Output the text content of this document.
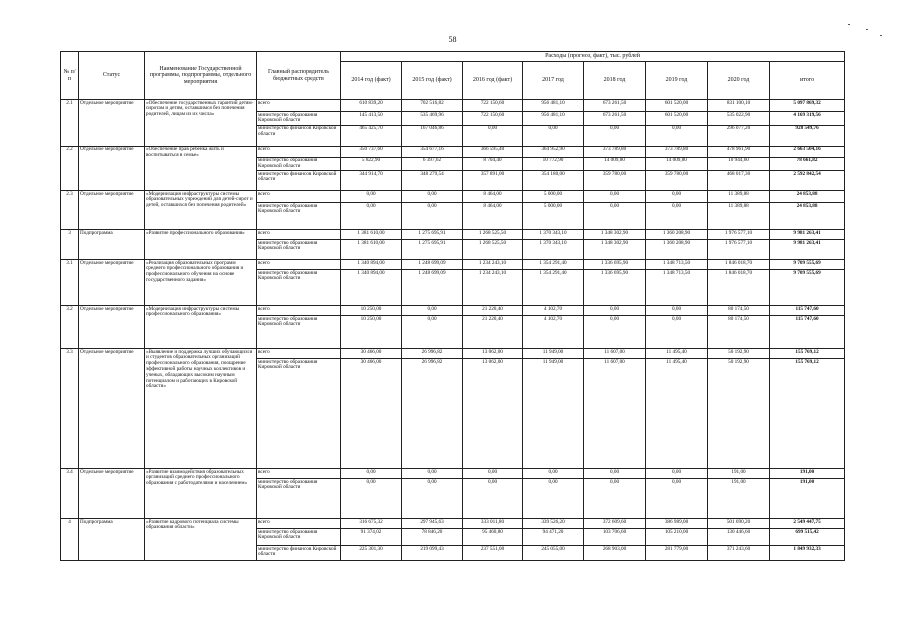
58
№ п/п	Статус	Наименование Государственной программы, подпрограммы, отдельного мероприятия	Главный распорядитель бюджетных средств	Расходы (прогноз, факт), тыс. рублей							
				2014 год (факт)	2015 год (факт)	2016 год (факт)	2017 год	2018 год	2019 год	2020 год	итого
2.1	Отдельное мероприятие	«Обеспечение государственных гарантий детям-сиротам и детям, оставшимся без попечения родителей, лицам из их числа»	всего	610 839,20	702 516,82	722 150,60	956 481,10	673 261,50	601 520,00	831 100,10	5 097 869,32
			министерство образования Кировской области	145 413,50	535 469,96	722 150,60	956 481,10	673 261,50	601 520,00	535 022,90	4 169 319,56
			министерство финансов Кировской области	465 425,70	167 046,86	0,00	0,00	0,00	0,00	296 077,20	928 549,76
2.2	Отдельное мероприятие	«Обеспечение прав ребенка жить и воспитываться в семье»	всего	350 737,60	354 677,16	366 595,40	364 952,90	373 789,80	373 789,80	478 961,90	2 663 504,16
			министерство образования Кировской области	5 822,90	6 397,62	8 704,40	10 772,90	14 009,80	14 009,80	10 944,60	78 661,82
			министерство финансов Кировской области	344 914,70	348 279,54	357 891,00	354 180,00	359 780,00	359 780,00	468 017,30	2 592 842,54
2.3	Отдельное мероприятие	«Модернизация инфраструктуры системы образовательных учреждений для детей-сирот и детей, оставшихся без попечения родителей»	всего	0,00	0,00	8 464,00	5 000,00	0,00	0,00	11 389,88	24 853,88
			министерство образования Кировской области	0,00	0,00	8 464,00	5 000,00	0,00	0,00	11 389,88	24 853,88
3	Подпрограмма	«Развитие профессионального образования»	всего	1 381 610,00	1 275 695,91	1 268 525,50	1 370 343,10	1 348 302,90	1 360 208,90	1 976 577,10	9 981 263,41
			министерство образования Кировской области	1 381 610,00	1 275 695,91	1 268 525,50	1 370 343,10	1 348 302,90	1 360 208,90	1 976 577,10	9 981 263,41
3.1	Отдельное мероприятие	«Реализация образовательных программ среднего профессионального образования и профессионального обучения на основе государственного задания»	всего	1 340 894,00	1 248 699,09	1 234 243,10	1 354 291,40	1 336 695,90	1 348 713,50	1 846 018,70	9 709 555,69
			министерство образования Кировской области	1 340 894,00	1 248 699,09	1 234 243,10	1 354 291,40	1 336 695,90	1 348 713,50	1 846 018,70	9 709 555,69
3.2	Отдельное мероприятие	«Модернизация инфраструктуры системы профессионального образования»	всего	10 250,00	0,00	21 220,40	4 102,70	0,00	0,00	80 174,50	115 747,60
			министерство образования Кировской области	10 250,00	0,00	21 220,40	4 102,70	0,00	0,00	80 174,50	115 747,60
3.3	Отдельное мероприятие	«Выявление и поддержка лучших обучающихся и студентов образовательных организаций профессионального образования, поощрение эффективной работы научных коллективов и ученых, обладающих высоким научным потенциалом и работающих в Кировской области»	всего	30 466,00	26 996,82	13 062,00	11 949,00	11 607,00	11 495,40	50 192,90	155 769,12
			министерство образования Кировской области	30 466,00	26 996,82	13 062,00	11 949,00	11 607,00	11 495,40	50 192,90	155 769,12
3.4	Отдельное мероприятие	«Развитие взаимодействия образовательных организаций среднего профессионального образования с работодателями и населением»	всего	0,00	0,00	0,00	0,00	0,00	0,00	191,00	191,00
			министерство образования Кировской области	0,00	0,00	0,00	0,00	0,00	0,00	191,00	191,00
4	Подпрограмма	«Развитие кадрового потенциала системы образования области»	всего	316 675,32	297 945,63	333 011,80	339 526,20	372 609,60	386 989,00	501 690,20	2 549 447,75
			министерство образования Кировской области	91 374,02	78 846,20	95 460,80	94 471,20	103 706,60	105 210,00	130 446,60	699 515,42
			министерство финансов Кировской области	225 301,30	219 099,43	237 551,00	245 055,00	268 903,00	281 779,00	371 243,60	1 849 932,33
